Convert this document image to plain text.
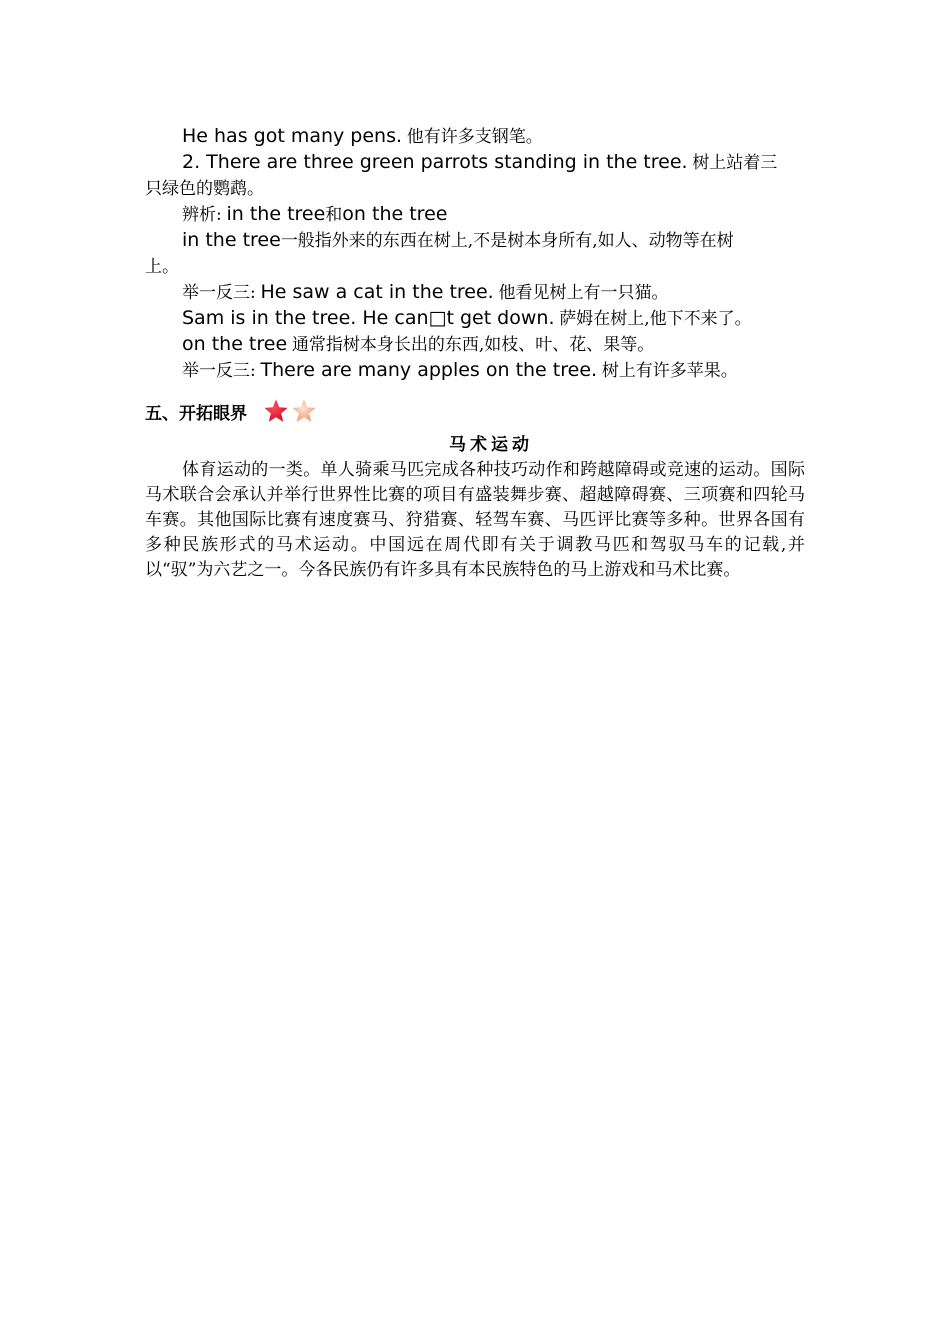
He has got many pens. 他有许多支钢笔。
2. There are three green parrots standing in the tree. 树上站着三
只绿色的鹦鹉。
辨析: in the tree和on the tree
in the tree一般指外来的东西在树上,不是树本身所有,如人、动物等在树
上。
举一反三: He saw a cat in the tree. 他看见树上有一只猫。
Sam is in the tree. He can□t get down. 萨姆在树上,他下不来了。
on the tree 通常指树本身长出的东西,如枝、叶、花、果等。
举一反三: There are many apples on the tree. 树上有许多苹果。
五、开拓眼界
马术运动

体育运动的一类。单人骑乘马匹完成各种技巧动作和跨越障碍或竞速的运动。国际马术联合会承认并举行世界性比赛的项目有盛装舞步赛、超越障碍赛、三项赛和四轮马车赛。其他国际比赛有速度赛马、狩猎赛、轻驾车赛、马匹评比赛等多种。世界各国有多种民族形式的马术运动。中国远在周代即有关于调教马匹和驾驭马车的记载,并以“驭”为六艺之一。今各民族仍有许多具有本民族特色的马上游戏和马术比赛。
